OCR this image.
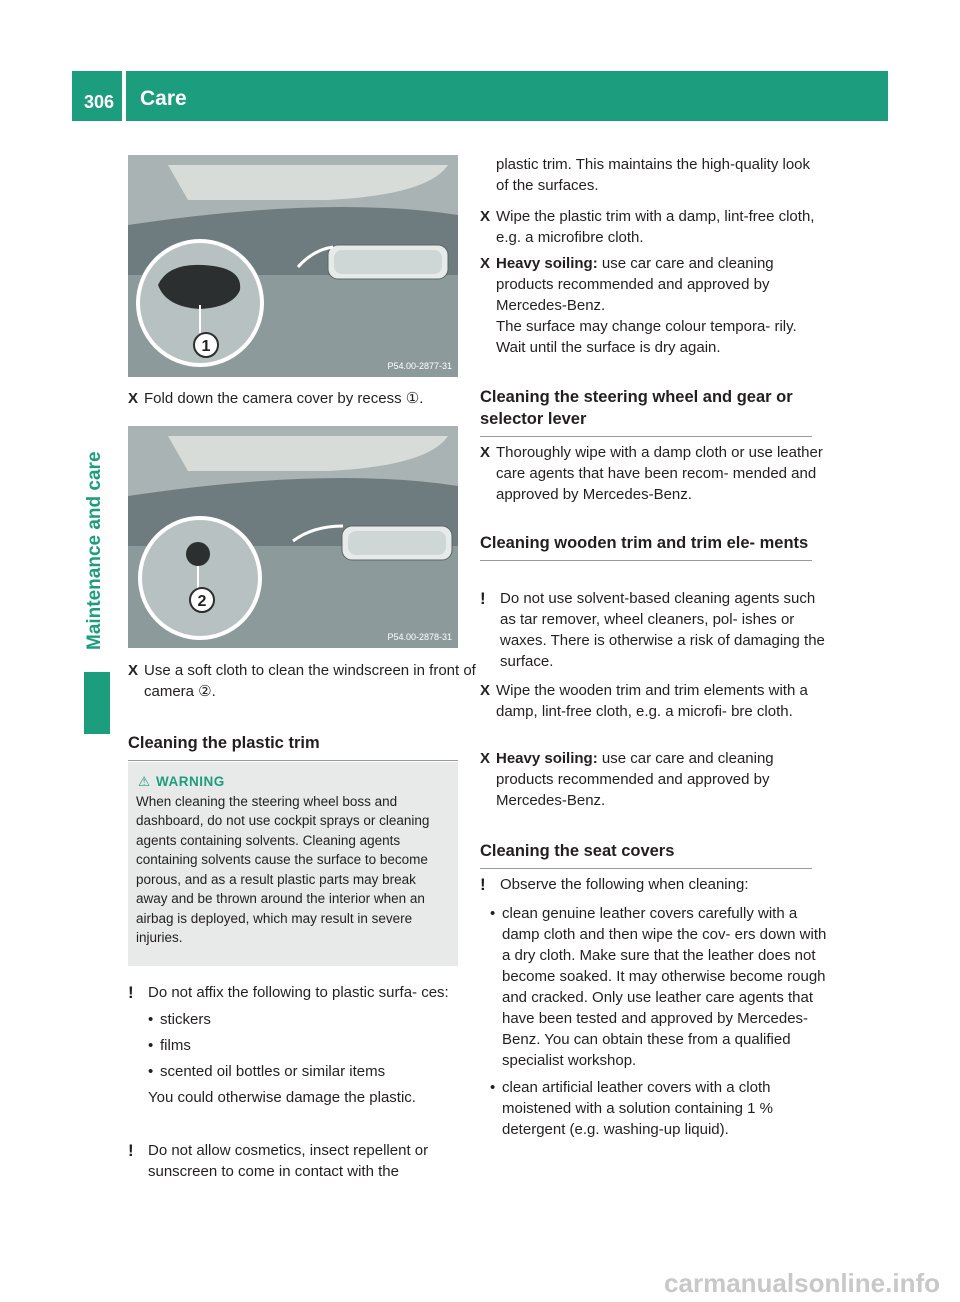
306 Care
Maintenance and care
1
P54.00-2877-31
X Fold down the camera cover by recess ①.
2
P54.00-2878-31
X Use a soft cloth to clean the windscreen in front of camera ②.
Cleaning the plastic trim
⚠ WARNING
When cleaning the steering wheel boss and dashboard, do not use cockpit sprays or cleaning agents containing solvents. Cleaning agents containing solvents cause the surface to become porous, and as a result plastic parts may break away and be thrown around the interior when an airbag is deployed, which may result in severe injuries.
! Do not affix the following to plastic surfa- ces:

• stickers
• films
• scented oil bottles or similar items

You could otherwise damage the plastic.

! Do not allow cosmetics, insect repellent or sunscreen to come in contact with the

plastic trim. This maintains the high-quality look of the surfaces.
X Wipe the plastic trim with a damp, lint-free cloth, e.g. a microfibre cloth.
X Heavy soiling: use car care and cleaning products recommended and approved by Mercedes-Benz.

The surface may change colour tempora- rily. Wait until the surface is dry again.

Cleaning the steering wheel and gear or selector lever
X Thoroughly wipe with a damp cloth or use leather care agents that have been recom- mended and approved by Mercedes-Benz.
Cleaning wooden trim and trim ele- ments
! Do not use solvent-based cleaning agents such as tar remover, wheel cleaners, pol- ishes or waxes. There is otherwise a risk of damaging the surface.

X Wipe the wooden trim and trim elements with a damp, lint-free cloth, e.g. a microfi- bre cloth.
X Heavy soiling: use car care and cleaning products recommended and approved by Mercedes-Benz.
Cleaning the seat covers
! Observe the following when cleaning:

• clean genuine leather covers carefully with a damp cloth and then wipe the cov- ers down with a dry cloth. Make sure that the leather does not become soaked. It may otherwise become rough and cracked. Only use leather care agents that have been tested and approved by Mercedes-Benz. You can obtain these from a qualified specialist workshop.
• clean artificial leather covers with a cloth moistened with a solution containing 1 % detergent (e.g. washing-up liquid).
carmanualsonline.info
